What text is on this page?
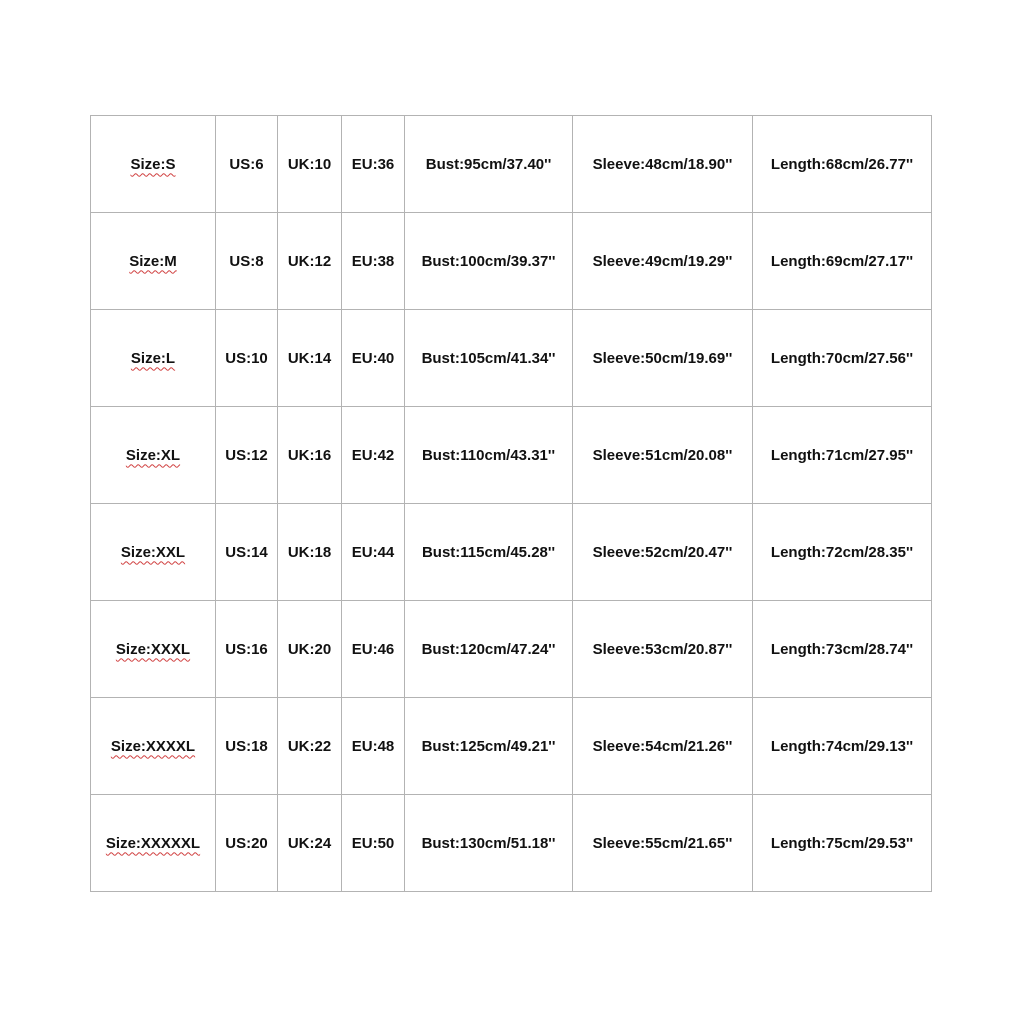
Size:S	US:6	UK:10	EU:36	Bust:95cm/37.40''	Sleeve:48cm/18.90''	Length:68cm/26.77''
Size:M	US:8	UK:12	EU:38	Bust:100cm/39.37''	Sleeve:49cm/19.29''	Length:69cm/27.17''
Size:L	US:10	UK:14	EU:40	Bust:105cm/41.34''	Sleeve:50cm/19.69''	Length:70cm/27.56''
Size:XL	US:12	UK:16	EU:42	Bust:110cm/43.31''	Sleeve:51cm/20.08''	Length:71cm/27.95''
Size:XXL	US:14	UK:18	EU:44	Bust:115cm/45.28''	Sleeve:52cm/20.47''	Length:72cm/28.35''
Size:XXXL	US:16	UK:20	EU:46	Bust:120cm/47.24''	Sleeve:53cm/20.87''	Length:73cm/28.74''
Size:XXXXL	US:18	UK:22	EU:48	Bust:125cm/49.21''	Sleeve:54cm/21.26''	Length:74cm/29.13''
Size:XXXXXL	US:20	UK:24	EU:50	Bust:130cm/51.18''	Sleeve:55cm/21.65''	Length:75cm/29.53''
